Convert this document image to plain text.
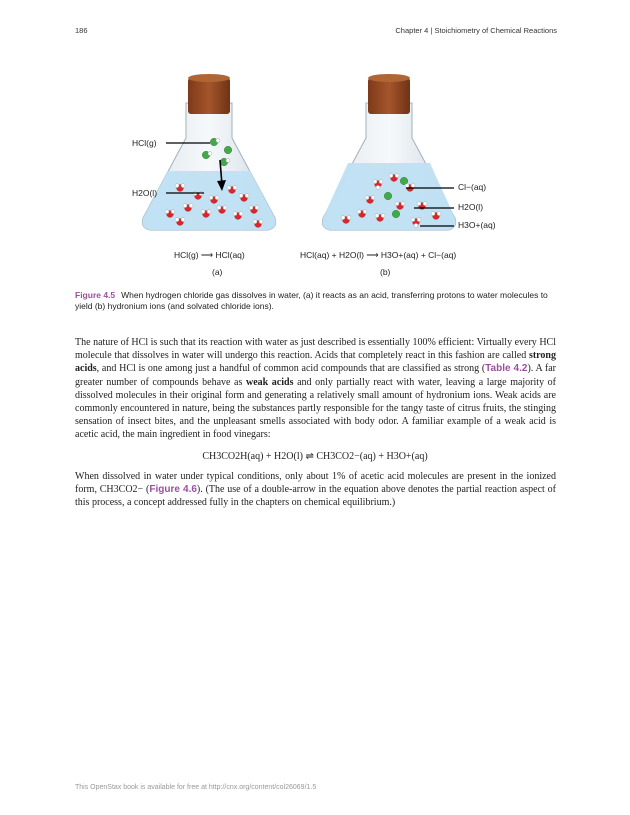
186	Chapter 4 | Stoichiometry of Chemical Reactions
HCl(g)
H2O(l)
Cl−(aq)
H2O(l)
H3O+(aq)
HCl(g) ⟶ HCl(aq)	HCl(aq) + H2O(l) ⟶ H3O+(aq) + Cl−(aq)
(a)	(b)
Figure 4.5 When hydrogen chloride gas dissolves in water, (a) it reacts as an acid, transferring protons to water molecules to yield (b) hydronium ions (and solvated chloride ions).
The nature of HCl is such that its reaction with water as just described is essentially 100% efficient: Virtually every HCl molecule that dissolves in water will undergo this reaction. Acids that completely react in this fashion are called strong acids, and HCl is one among just a handful of common acid compounds that are classified as strong (Table 4.2). A far greater number of compounds behave as weak acids and only partially react with water, leaving a large majority of dissolved molecules in their original form and generating a relatively small amount of hydronium ions. Weak acids are commonly encountered in nature, being the substances partly responsible for the tangy taste of citrus fruits, the stinging sensation of insect bites, and the unpleasant smells associated with body odor. A familiar example of a weak acid is acetic acid, the main ingredient in food vinegars:
CH3CO2H(aq) + H2O(l) ⇌ CH3CO2−(aq) + H3O+(aq)
When dissolved in water under typical conditions, only about 1% of acetic acid molecules are present in the ionized form, CH3CO2− (Figure 4.6). (The use of a double-arrow in the equation above denotes the partial reaction aspect of this process, a concept addressed fully in the chapters on chemical equilibrium.)
This OpenStax book is available for free at http://cnx.org/content/col26069/1.5
